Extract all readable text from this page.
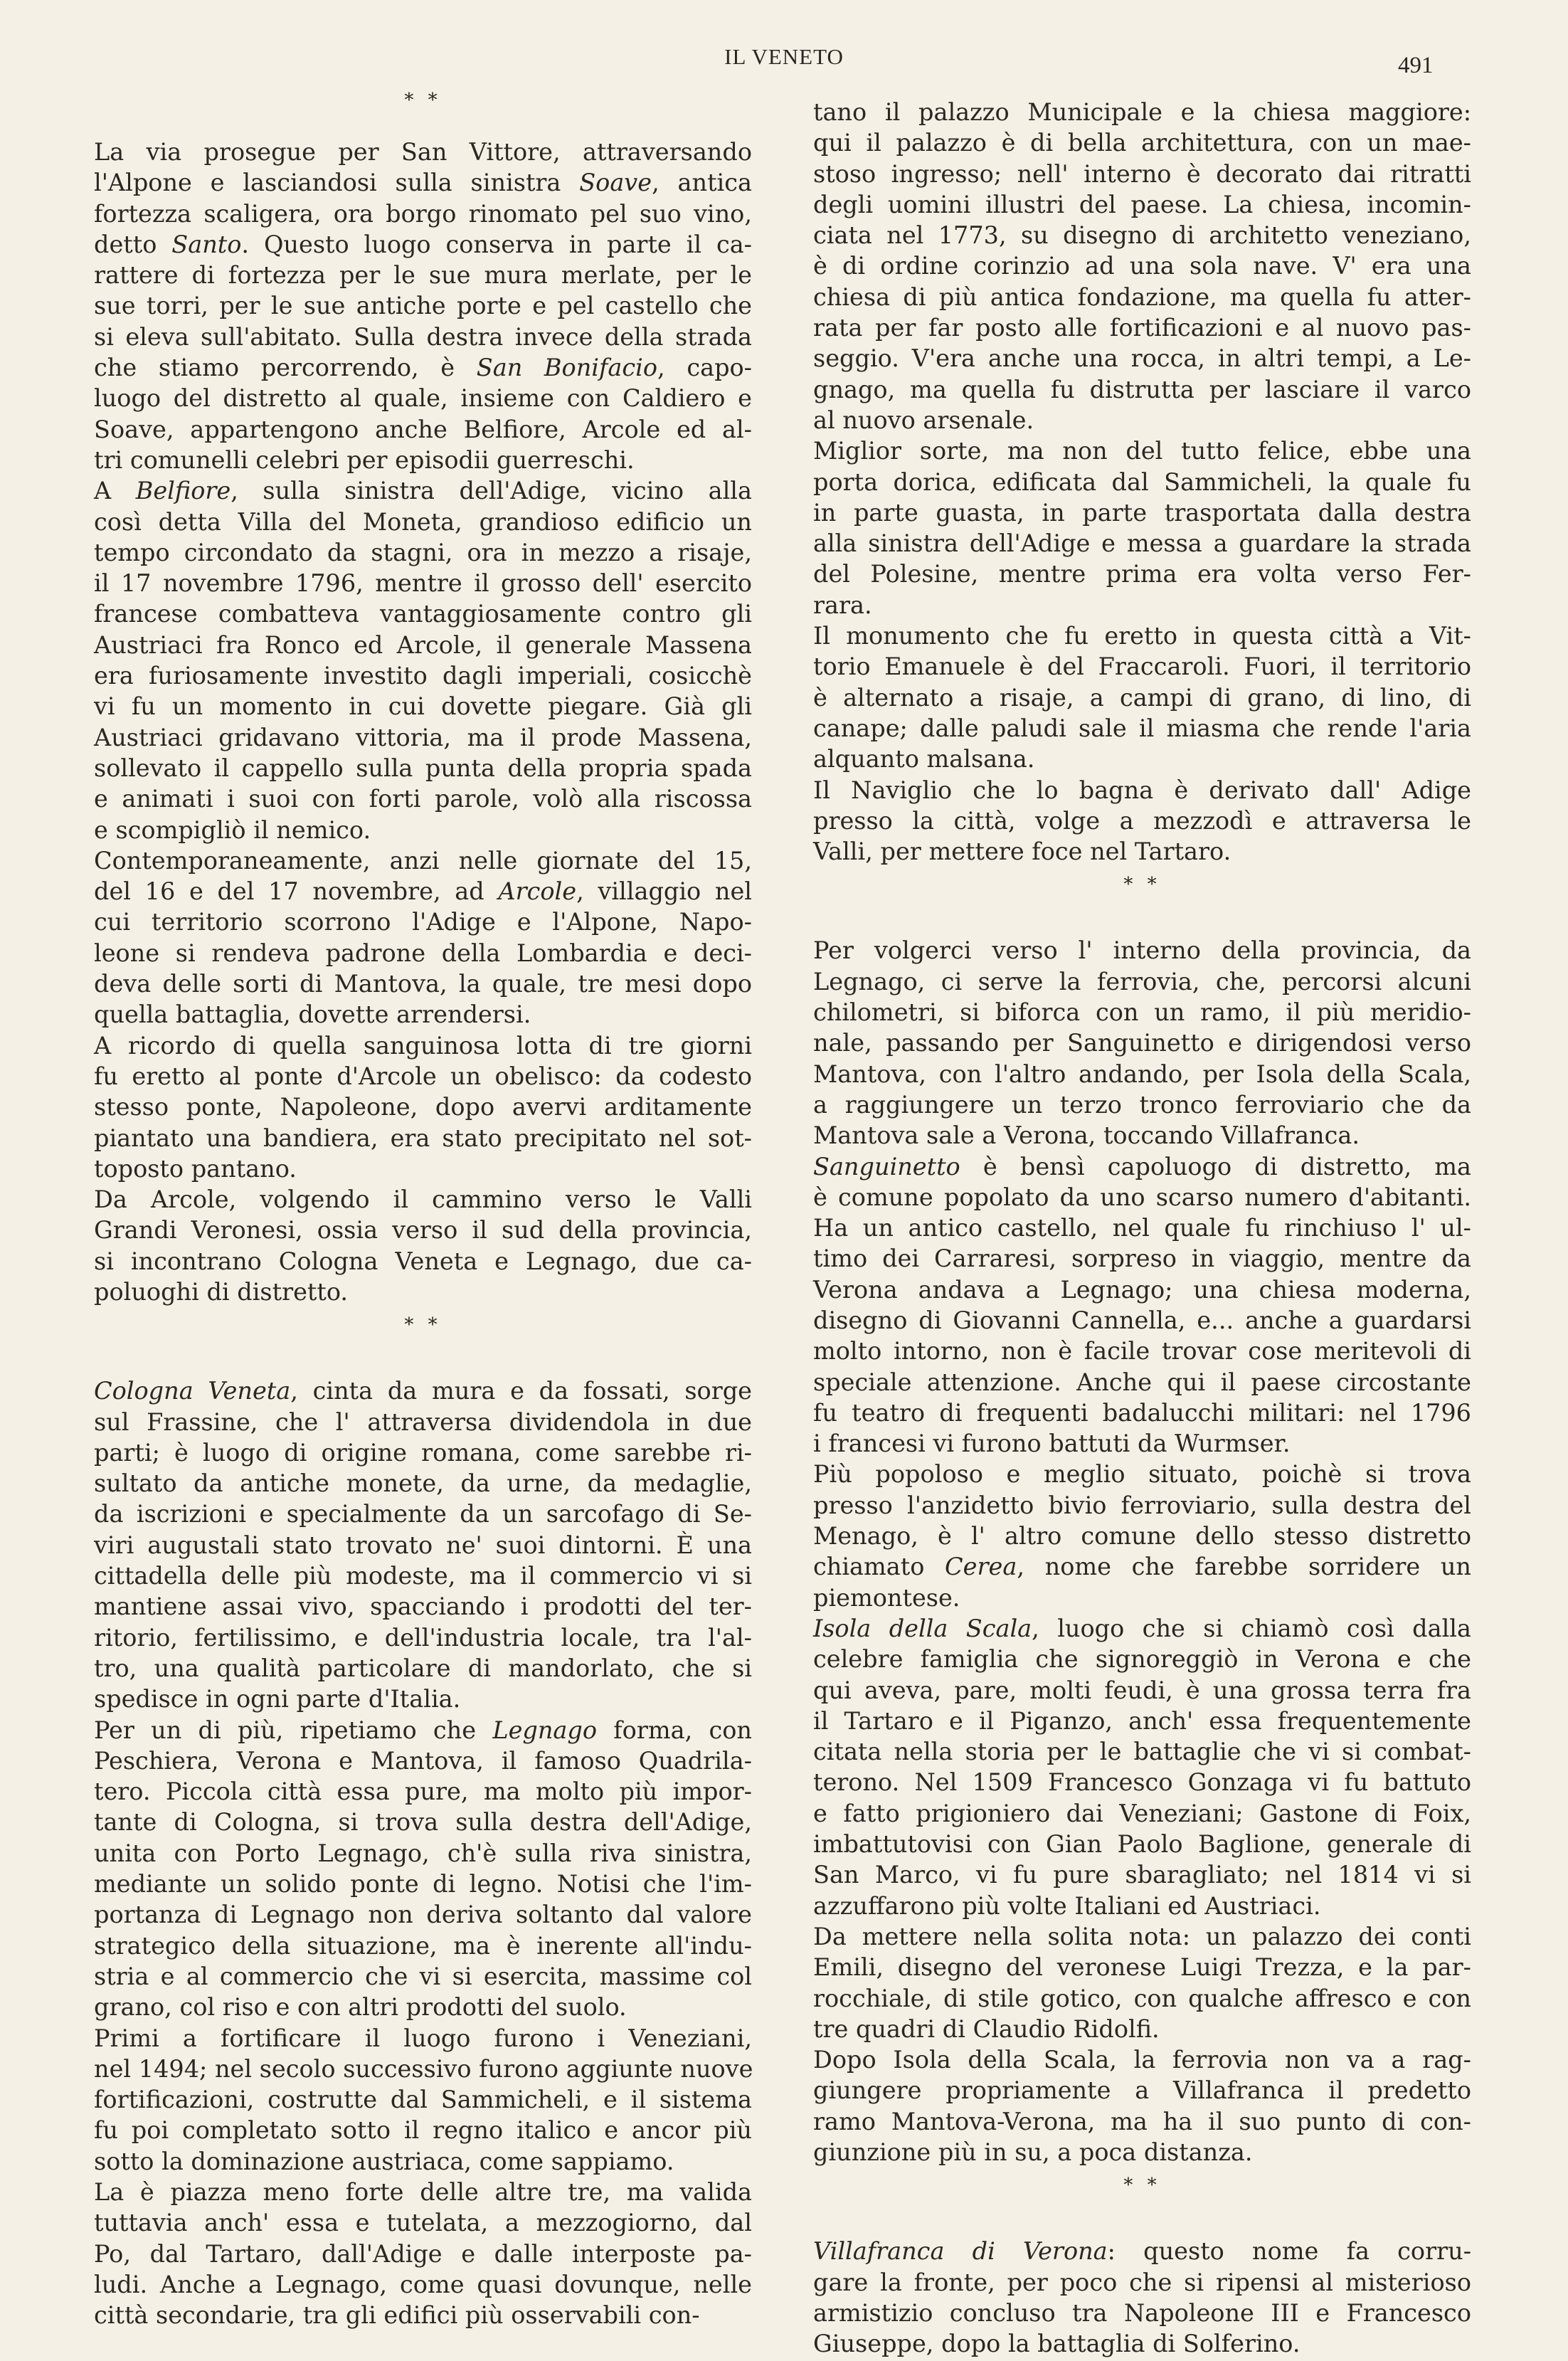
IL VENETO	491
* *
La via prosegue per San Vittore, attraversando
l'Alpone e lasciandosi sulla sinistra Soave, antica
fortezza scaligera, ora borgo rinomato pel suo vino,
detto Santo. Questo luogo conserva in parte il ca-
rattere di fortezza per le sue mura merlate, per le
sue torri, per le sue antiche porte e pel castello che
si eleva sull'abitato. Sulla destra invece della strada
che stiamo percorrendo, è San Bonifacio, capo-
luogo del distretto al quale, insieme con Caldiero e
Soave, appartengono anche Belfiore, Arcole ed al-
tri comunelli celebri per episodii guerreschi.
A Belfiore, sulla sinistra dell'Adige, vicino alla
così detta Villa del Moneta, grandioso edificio un
tempo circondato da stagni, ora in mezzo a risaje,
il 17 novembre 1796, mentre il grosso dell' esercito
francese combatteva vantaggiosamente contro gli
Austriaci fra Ronco ed Arcole, il generale Massena
era furiosamente investito dagli imperiali, cosicchè
vi fu un momento in cui dovette piegare. Già gli
Austriaci gridavano vittoria, ma il prode Massena,
sollevato il cappello sulla punta della propria spada
e animati i suoi con forti parole, volò alla riscossa
e scompigliò il nemico.
Contemporaneamente, anzi nelle giornate del 15,
del 16 e del 17 novembre, ad Arcole, villaggio nel
cui territorio scorrono l'Adige e l'Alpone, Napo-
leone si rendeva padrone della Lombardia e deci-
deva delle sorti di Mantova, la quale, tre mesi dopo
quella battaglia, dovette arrendersi.
A ricordo di quella sanguinosa lotta di tre giorni
fu eretto al ponte d'Arcole un obelisco: da codesto
stesso ponte, Napoleone, dopo avervi arditamente
piantato una bandiera, era stato precipitato nel sot-
toposto pantano.
Da Arcole, volgendo il cammino verso le Valli
Grandi Veronesi, ossia verso il sud della provincia,
si incontrano Cologna Veneta e Legnago, due ca-
poluoghi di distretto.
* *
Cologna Veneta, cinta da mura e da fossati, sorge
sul Frassine, che l' attraversa dividendola in due
parti; è luogo di origine romana, come sarebbe ri-
sultato da antiche monete, da urne, da medaglie,
da iscrizioni e specialmente da un sarcofago di Se-
viri augustali stato trovato ne' suoi dintorni. È una
cittadella delle più modeste, ma il commercio vi si
mantiene assai vivo, spacciando i prodotti del ter-
ritorio, fertilissimo, e dell'industria locale, tra l'al-
tro, una qualità particolare di mandorlato, che si
spedisce in ogni parte d'Italia.
Per un di più, ripetiamo che Legnago forma, con
Peschiera, Verona e Mantova, il famoso Quadrila-
tero. Piccola città essa pure, ma molto più impor-
tante di Cologna, si trova sulla destra dell'Adige,
unita con Porto Legnago, ch'è sulla riva sinistra,
mediante un solido ponte di legno. Notisi che l'im-
portanza di Legnago non deriva soltanto dal valore
strategico della situazione, ma è inerente all'indu-
stria e al commercio che vi si esercita, massime col
grano, col riso e con altri prodotti del suolo.
Primi a fortificare il luogo furono i Veneziani,
nel 1494; nel secolo successivo furono aggiunte nuove
fortificazioni, costrutte dal Sammicheli, e il sistema
fu poi completato sotto il regno italico e ancor più
sotto la dominazione austriaca, come sappiamo.
La è piazza meno forte delle altre tre, ma valida
tuttavia anch' essa e tutelata, a mezzogiorno, dal
Po, dal Tartaro, dall'Adige e dalle interposte pa-
ludi. Anche a Legnago, come quasi dovunque, nelle
città secondarie, tra gli edifici più osservabili con-
tano il palazzo Municipale e la chiesa maggiore:
qui il palazzo è di bella architettura, con un mae-
stoso ingresso; nell' interno è decorato dai ritratti
degli uomini illustri del paese. La chiesa, incomin-
ciata nel 1773, su disegno di architetto veneziano,
è di ordine corinzio ad una sola nave. V' era una
chiesa di più antica fondazione, ma quella fu atter-
rata per far posto alle fortificazioni e al nuovo pas-
seggio. V'era anche una rocca, in altri tempi, a Le-
gnago, ma quella fu distrutta per lasciare il varco
al nuovo arsenale.
Miglior sorte, ma non del tutto felice, ebbe una
porta dorica, edificata dal Sammicheli, la quale fu
in parte guasta, in parte trasportata dalla destra
alla sinistra dell'Adige e messa a guardare la strada
del Polesine, mentre prima era volta verso Fer-
rara.
Il monumento che fu eretto in questa città a Vit-
torio Emanuele è del Fraccaroli. Fuori, il territorio
è alternato a risaje, a campi di grano, di lino, di
canape; dalle paludi sale il miasma che rende l'aria
alquanto malsana.
Il Naviglio che lo bagna è derivato dall' Adige
presso la città, volge a mezzodì e attraversa le
Valli, per mettere foce nel Tartaro.
* *
Per volgerci verso l' interno della provincia, da
Legnago, ci serve la ferrovia, che, percorsi alcuni
chilometri, si biforca con un ramo, il più meridio-
nale, passando per Sanguinetto e dirigendosi verso
Mantova, con l'altro andando, per Isola della Scala,
a raggiungere un terzo tronco ferroviario che da
Mantova sale a Verona, toccando Villafranca.
Sanguinetto è bensì capoluogo di distretto, ma
è comune popolato da uno scarso numero d'abitanti.
Ha un antico castello, nel quale fu rinchiuso l' ul-
timo dei Carraresi, sorpreso in viaggio, mentre da
Verona andava a Legnago; una chiesa moderna,
disegno di Giovanni Cannella, e... anche a guardarsi
molto intorno, non è facile trovar cose meritevoli di
speciale attenzione. Anche qui il paese circostante
fu teatro di frequenti badalucchi militari: nel 1796
i francesi vi furono battuti da Wurmser.
Più popoloso e meglio situato, poichè si trova
presso l'anzidetto bivio ferroviario, sulla destra del
Menago, è l' altro comune dello stesso distretto
chiamato Cerea, nome che farebbe sorridere un
piemontese.
Isola della Scala, luogo che si chiamò così dalla
celebre famiglia che signoreggiò in Verona e che
qui aveva, pare, molti feudi, è una grossa terra fra
il Tartaro e il Piganzo, anch' essa frequentemente
citata nella storia per le battaglie che vi si combat-
terono. Nel 1509 Francesco Gonzaga vi fu battuto
e fatto prigioniero dai Veneziani; Gastone di Foix,
imbattutovisi con Gian Paolo Baglione, generale di
San Marco, vi fu pure sbaragliato; nel 1814 vi si
azzuffarono più volte Italiani ed Austriaci.
Da mettere nella solita nota: un palazzo dei conti
Emili, disegno del veronese Luigi Trezza, e la par-
rocchiale, di stile gotico, con qualche affresco e con
tre quadri di Claudio Ridolfi.
Dopo Isola della Scala, la ferrovia non va a rag-
giungere propriamente a Villafranca il predetto
ramo Mantova-Verona, ma ha il suo punto di con-
giunzione più in su, a poca distanza.
* *
Villafranca di Verona: questo nome fa corru-
gare la fronte, per poco che si ripensi al misterioso
armistizio concluso tra Napoleone III e Francesco
Giuseppe, dopo la battaglia di Solferino.
